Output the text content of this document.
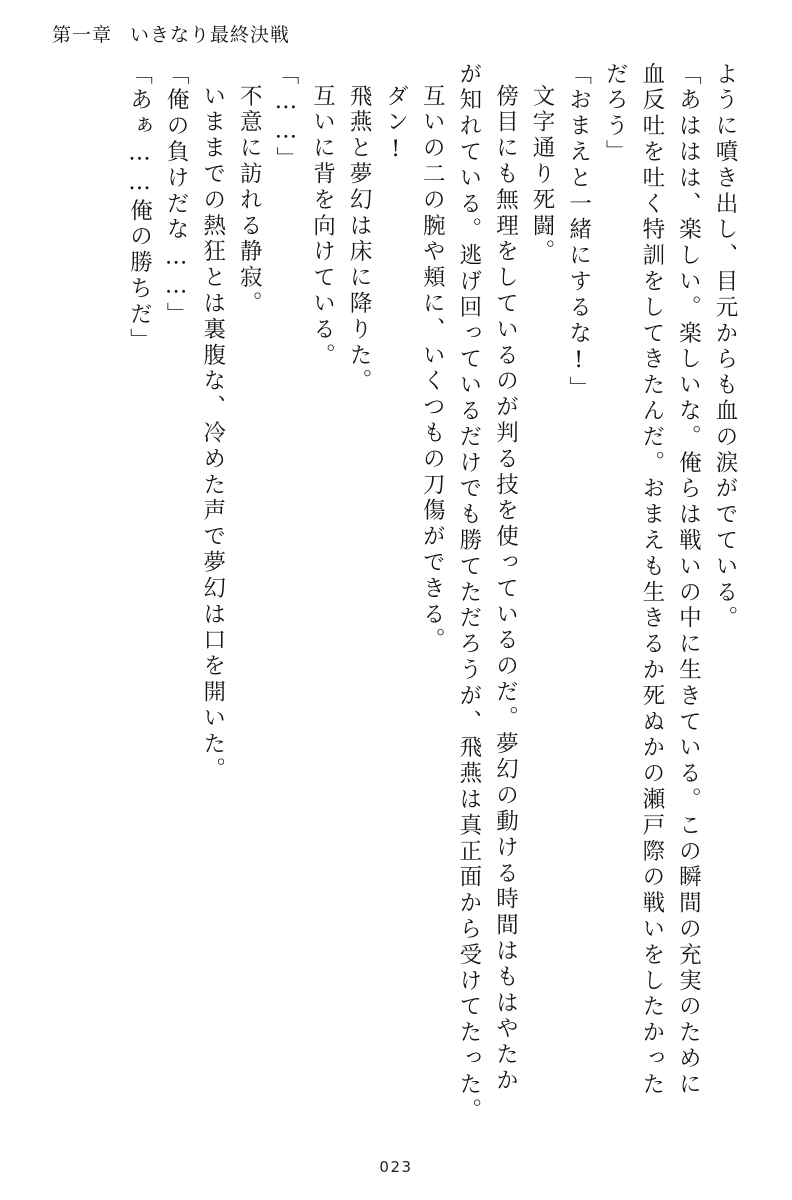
第一章 いきなり最終決戦
ように噴き出し、目元からも血の涙がでている。
「あははは、楽しい。楽しいな。俺らは戦いの中に生きている。この瞬間の充実のために
血反吐を吐く特訓をしてきたんだ。おまえも生きるか死ぬかの瀬戸際の戦いをしたかった
だろう」
「おまえと一緒にするな!」
文字通り死闘。
傍目にも無理をしているのが判る技を使っているのだ。夢幻の動ける時間はもはやたか
が知れている。逃げ回っているだけでも勝てただろうが、飛燕は真正面から受けてたった。
互いの二の腕や頬に、いくつもの刀傷ができる。
ダン!
飛燕と夢幻は床に降りた。
互いに背を向けている。
「……」
不意に訪れる静寂。
いままでの熱狂とは裏腹な、冷めた声で夢幻は口を開いた。
「俺の負けだな……」
「あぁ……俺の勝ちだ」
023
